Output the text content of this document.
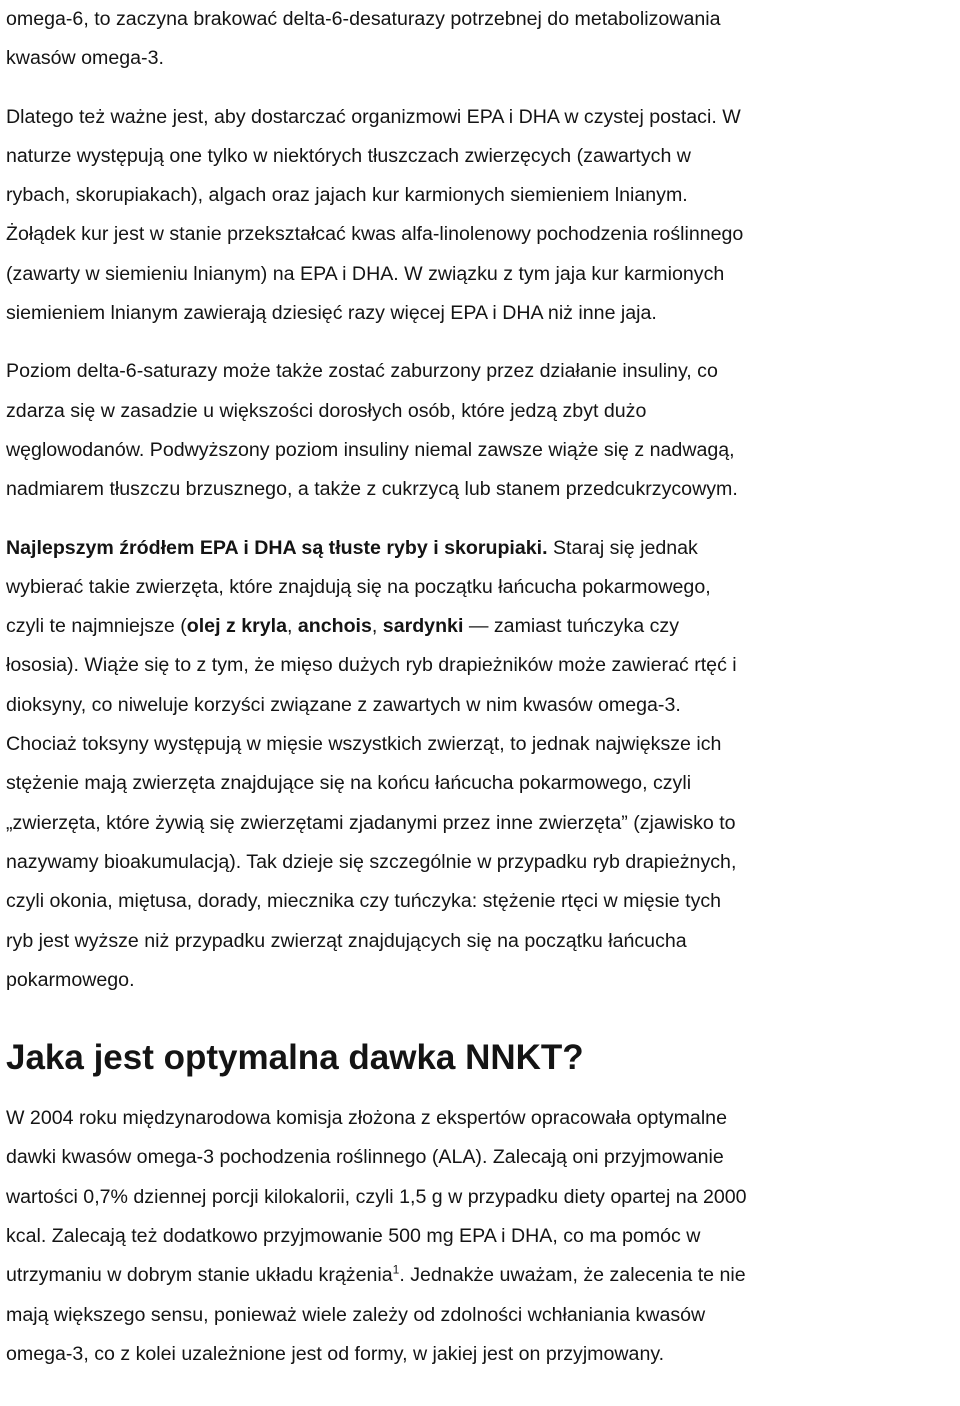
omega-6, to zaczyna brakować delta-6-desaturazy potrzebnej do metabolizowania

kwasów omega-3.

Dlatego też ważne jest, aby dostarczać organizmowi EPA i DHA w czystej postaci. W

naturze występują one tylko w niektórych tłuszczach zwierzęcych (zawartych w

rybach, skorupiakach), algach oraz jajach kur karmionych siemieniem lnianym.

Żołądek kur jest w stanie przekształcać kwas alfa-linolenowy pochodzenia roślinnego

(zawarty w siemieniu lnianym) na EPA i DHA. W związku z tym jaja kur karmionych

siemieniem lnianym zawierają dziesięć razy więcej EPA i DHA niż inne jaja.

Poziom delta-6-saturazy może także zostać zaburzony przez działanie insuliny, co

zdarza się w zasadzie u większości dorosłych osób, które jedzą zbyt dużo

węglowodanów. Podwyższony poziom insuliny niemal zawsze wiąże się z nadwagą,

nadmiarem tłuszczu brzusznego, a także z cukrzycą lub stanem przedcukrzycowym.

Najlepszym źródłem EPA i DHA są tłuste ryby i skorupiaki. Staraj się jednak

wybierać takie zwierzęta, które znajdują się na początku łańcucha pokarmowego,

czyli te najmniejsze (olej z kryla, anchois, sardynki — zamiast tuńczyka czy

łososia). Wiąże się to z tym, że mięso dużych ryb drapieżników może zawierać rtęć i

dioksyny, co niweluje korzyści związane z zawartych w nim kwasów omega-3.

Chociaż toksyny występują w mięsie wszystkich zwierząt, to jednak największe ich

stężenie mają zwierzęta znajdujące się na końcu łańcucha pokarmowego, czyli

„zwierzęta, które żywią się zwierzętami zjadanymi przez inne zwierzęta” (zjawisko to

nazywamy bioakumulacją). Tak dzieje się szczególnie w przypadku ryb drapieżnych,

czyli okonia, miętusa, dorady, miecznika czy tuńczyka: stężenie rtęci w mięsie tych

ryb jest wyższe niż przypadku zwierząt znajdujących się na początku łańcucha

pokarmowego.

Jaka jest optymalna dawka NNKT?

W 2004 roku międzynarodowa komisja złożona z ekspertów opracowała optymalne

dawki kwasów omega-3 pochodzenia roślinnego (ALA). Zalecają oni przyjmowanie

wartości 0,7% dziennej porcji kilokalorii, czyli 1,5 g w przypadku diety opartej na 2000

kcal. Zalecają też dodatkowo przyjmowanie 500 mg EPA i DHA, co ma pomóc w

utrzymaniu w dobrym stanie układu krążenia$^1$. Jednakże uważam, że zalecenia te nie

mają większego sensu, ponieważ wiele zależy od zdolności wchłaniania kwasów

omega-3, co z kolei uzależnione jest od formy, w jakiej jest on przyjmowany.
